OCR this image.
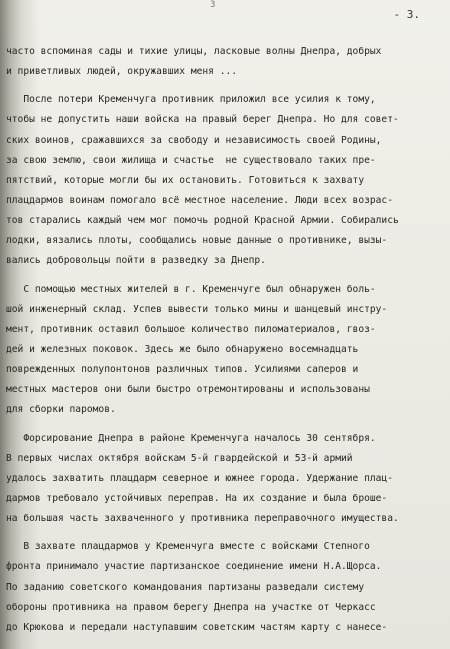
3
- 3.
часто вспоминая сады и тихие улицы, ласковые волны Днепра, добрых
и приветливых людей, окружавших меня ...
После потери Кременчуга противник приложил все усилия к тому,
чтобы не допустить наши войска на правый берег Днепра. Но для совет-
ских воинов, сражавшихся за свободу и независимость своей Родины,
за свою землю, свои жилища и счастье  не существовало таких пре-
пятствий, которые могли бы их остановить. Готовиться к захвату
плацдармов воинам помогало всё местное население. Люди всех возрас-
тов старались каждый чем мог помочь родной Красной Армии. Собирались
лодки, вязались плоты, сообщались новые данные о противнике, вызы-
вались добровольцы пойти в разведку за Днепр.
С помощью местных жителей в г. Кременчуге был обнаружен боль-
шой инженерный склад. Успев вывести только мины и шанцевый инстру-
мент, противник оставил большое количество пиломатериалов, гвоз-
дей и железных поковок. Здесь же было обнаружено восемнадцать
поврежденных полупонтонов различных типов. Усилиями саперов и
местных мастеров они были быстро отремонтированы и использованы
для сборки паромов.
Форсирование Днепра в районе Кременчуга началось 30 сентября.
В первых числах октября войскам 5-й гвардейской и 53-й армий
удалось захватить плацдарм северное и южнее города. Удержание плац-
дармов требовало устойчивых переправ. На их создание и была броше-
на большая часть захваченного у противника переправочного имущества.
В захвате плацдармов у Кременчуга вместе с войсками Степного
фронта принимало участие партизанское соединение имени Н.А.Щорса.
По заданию советского командования партизаны разведали систему
обороны противника на правом берегу Днепра на участке от Черкасс
до Крюкова и передали наступавшим советским частям карту с нанесе-
